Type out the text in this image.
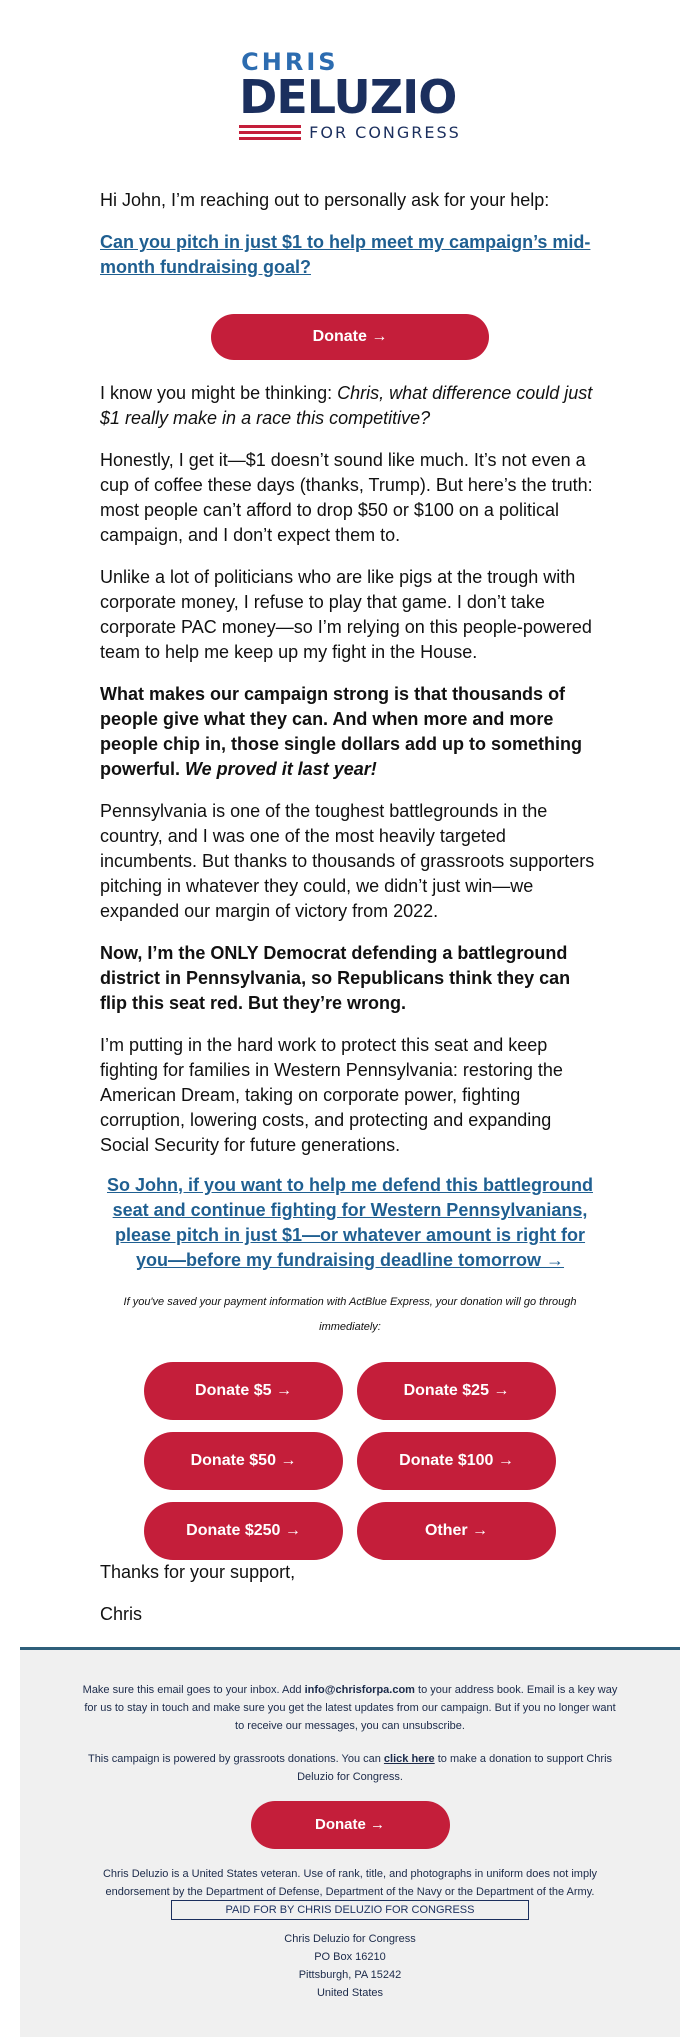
CHRIS
DELUZIO
FOR CONGRESS

Hi John, I’m reaching out to personally ask for your help:

Can you pitch in just $1 to help meet my campaign’s mid-month fundraising goal?

Donate →

I know you might be thinking: Chris, what difference could just $1 really make in a race this competitive?

Honestly, I get it—$1 doesn’t sound like much. It’s not even a cup of coffee these days (thanks, Trump). But here’s the truth: most people can’t afford to drop $50 or $100 on a political campaign, and I don’t expect them to.

Unlike a lot of politicians who are like pigs at the trough with corporate money, I refuse to play that game. I don’t take corporate PAC money—so I’m relying on this people-powered team to help me keep up my fight in the House.

What makes our campaign strong is that thousands of people give what they can. And when more and more people chip in, those single dollars add up to something powerful. We proved it last year!

Pennsylvania is one of the toughest battlegrounds in the country, and I was one of the most heavily targeted incumbents. But thanks to thousands of grassroots supporters pitching in whatever they could, we didn’t just win—we expanded our margin of victory from 2022.

Now, I’m the ONLY Democrat defending a battleground district in Pennsylvania, so Republicans think they can flip this seat red. But they’re wrong.

I’m putting in the hard work to protect this seat and keep fighting for families in Western Pennsylvania: restoring the American Dream, taking on corporate power, fighting corruption, lowering costs, and protecting and expanding Social Security for future generations.

So John, if you want to help me defend this battleground seat and continue fighting for Western Pennsylvanians, please pitch in just $1—or whatever amount is right for you—before my fundraising deadline tomorrow →

If you've saved your payment information with ActBlue Express, your donation will go through immediately:
Donate $5 →	Donate $25 →
Donate $50 →	Donate $100 →
Donate $250 →	Other →

Thanks for your support,

Chris

Make sure this email goes to your inbox. Add info@chrisforpa.com to your address book. Email is a key way for us to stay in touch and make sure you get the latest updates from our campaign. But if you no longer want to receive our messages, you can unsubscribe.

This campaign is powered by grassroots donations. You can click here to make a donation to support Chris Deluzio for Congress.

Donate →

Chris Deluzio is a United States veteran. Use of rank, title, and photographs in uniform does not imply endorsement by the Department of Defense, Department of the Navy or the Department of the Army.

PAID FOR BY CHRIS DELUZIO FOR CONGRESS
Chris Deluzio for Congress
PO Box 16210
Pittsburgh, PA 15242
United States
